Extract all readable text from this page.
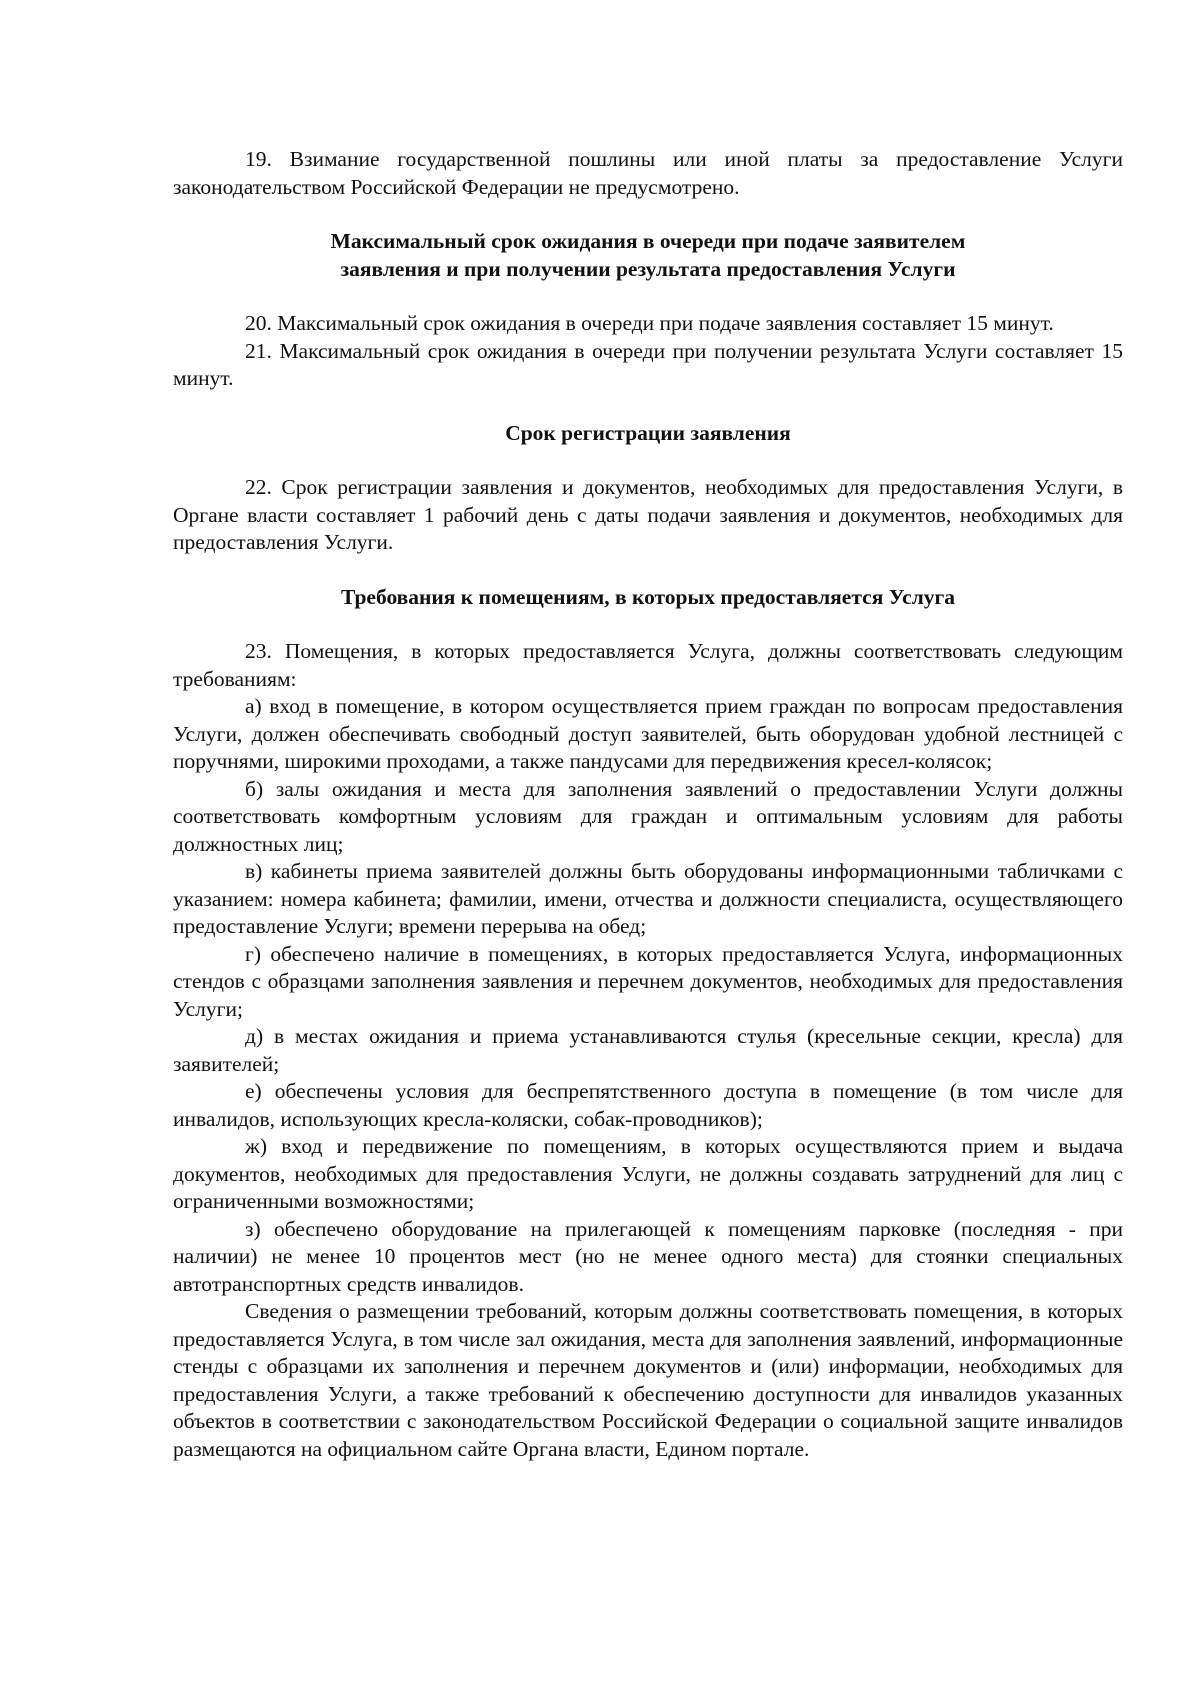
19. Взимание государственной пошлины или иной платы за предоставление Услуги законодательством Российской Федерации не предусмотрено.

Максимальный срок ожидания в очереди при подаче заявителем
заявления и при получении результата предоставления Услуги

20. Максимальный срок ожидания в очереди при подаче заявления составляет 15 минут.

21. Максимальный срок ожидания в очереди при получении результата Услуги составляет 15 минут.

Срок регистрации заявления

22. Срок регистрации заявления и документов, необходимых для предоставления Услуги, в Органе власти составляет 1 рабочий день с даты подачи заявления и документов, необходимых для предоставления Услуги.

Требования к помещениям, в которых предоставляется Услуга

23. Помещения, в которых предоставляется Услуга, должны соответствовать следующим требованиям:

а) вход в помещение, в котором осуществляется прием граждан по вопросам предоставления Услуги, должен обеспечивать свободный доступ заявителей, быть оборудован удобной лестницей с поручнями, широкими проходами, а также пандусами для передвижения кресел-колясок;

б) залы ожидания и места для заполнения заявлений о предоставлении Услуги должны соответствовать комфортным условиям для граждан и оптимальным условиям для работы должностных лиц;

в) кабинеты приема заявителей должны быть оборудованы информационными табличками с указанием: номера кабинета; фамилии, имени, отчества и должности специалиста, осуществляющего предоставление Услуги; времени перерыва на обед;

г) обеспечено наличие в помещениях, в которых предоставляется Услуга, информационных стендов с образцами заполнения заявления и перечнем документов, необходимых для предоставления Услуги;

д) в местах ожидания и приема устанавливаются стулья (кресельные секции, кресла) для заявителей;

е) обеспечены условия для беспрепятственного доступа в помещение (в том числе для инвалидов, использующих кресла-коляски, собак-проводников);

ж) вход и передвижение по помещениям, в которых осуществляются прием и выдача документов, необходимых для предоставления Услуги, не должны создавать затруднений для лиц с ограниченными возможностями;

з) обеспечено оборудование на прилегающей к помещениям парковке (последняя - при наличии) не менее 10 процентов мест (но не менее одного места) для стоянки специальных автотранспортных средств инвалидов.

Сведения о размещении требований, которым должны соответствовать помещения, в которых предоставляется Услуга, в том числе зал ожидания, места для заполнения заявлений, информационные стенды с образцами их заполнения и перечнем документов и (или) информации, необходимых для предоставления Услуги, а также требований к обеспечению доступности для инвалидов указанных объектов в соответствии с законодательством Российской Федерации о социальной защите инвалидов размещаются на официальном сайте Органа власти, Едином портале.
